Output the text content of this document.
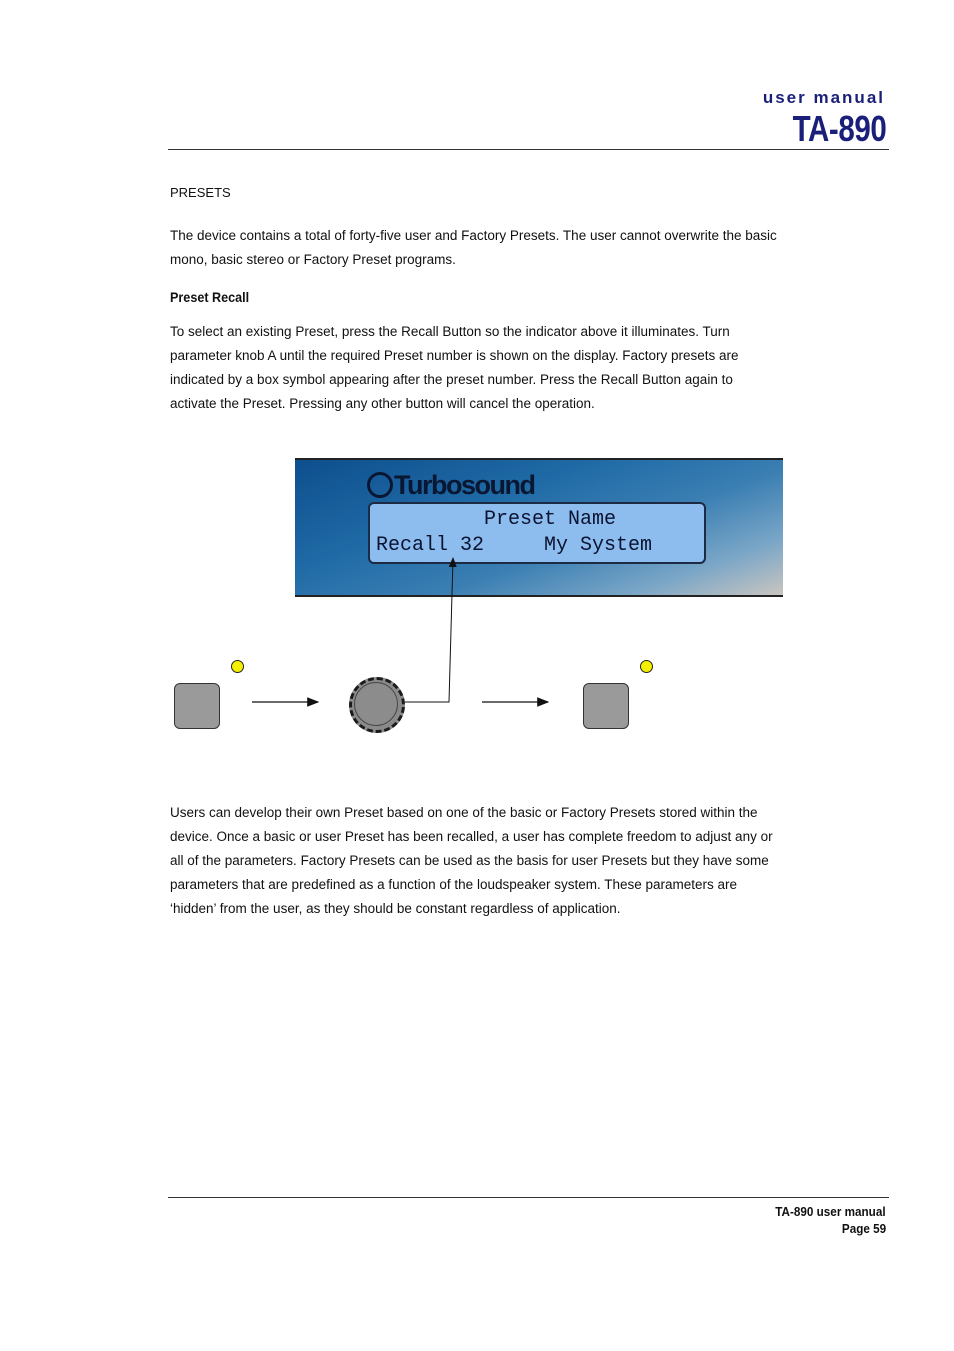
user manual
TA-890
PRESETS

The device contains a total of forty-five user and Factory Presets. The user cannot overwrite the basic mono, basic stereo or Factory Preset programs.

Preset Recall

To select an existing Preset, press the Recall Button so the indicator above it illuminates. Turn parameter knob A until the required Preset number is shown on the display. Factory presets are indicated by a box symbol appearing after the preset number. Press the Recall Button again to activate the Preset. Pressing any other button will cancel the operation.

Turbosound
Preset Name
Recall 32     My System

Users can develop their own Preset based on one of the basic or Factory Presets stored within the device. Once a basic or user Preset has been recalled, a user has complete freedom to adjust any or all of the parameters. Factory Presets can be used as the basis for user Presets but they have some parameters that are predefined as a function of the loudspeaker system. These parameters are ‘hidden’ from the user, as they should be constant regardless of application.

TA-890 user manual
Page 59
